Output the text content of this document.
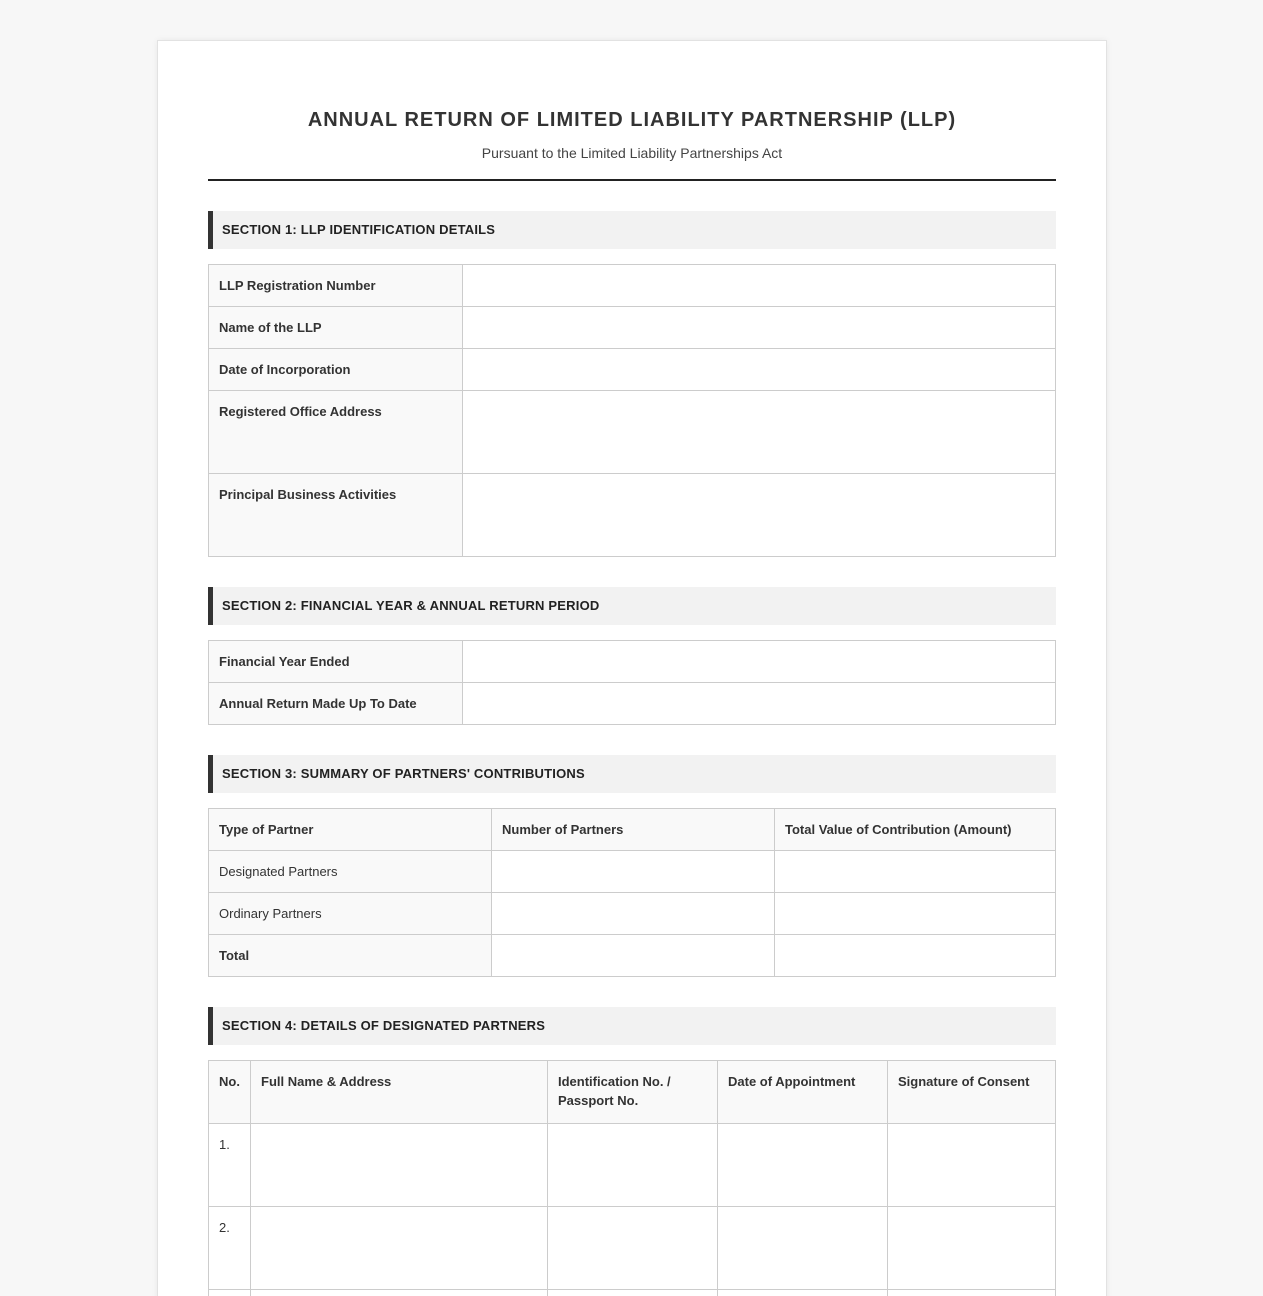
ANNUAL RETURN OF LIMITED LIABILITY PARTNERSHIP (LLP)
Pursuant to the Limited Liability Partnerships Act
SECTION 1: LLP IDENTIFICATION DETAILS
LLP Registration Number	
Name of the LLP	
Date of Incorporation	
Registered Office Address	
Principal Business Activities	
SECTION 2: FINANCIAL YEAR & ANNUAL RETURN PERIOD
Financial Year Ended	
Annual Return Made Up To Date	
SECTION 3: SUMMARY OF PARTNERS' CONTRIBUTIONS
Type of Partner	Number of Partners	Total Value of Contribution (Amount)
Designated Partners		
Ordinary Partners		
Total		
SECTION 4: DETAILS OF DESIGNATED PARTNERS
No.	Full Name & Address	Identification No. / Passport No.	Date of Appointment	Signature of Consent
1.				
2.				
